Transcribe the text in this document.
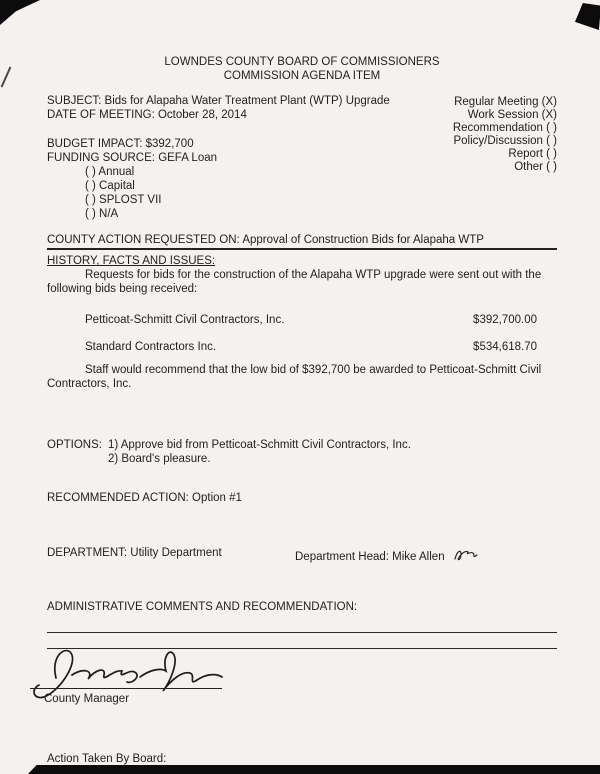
LOWNDES COUNTY BOARD OF COMMISSIONERS
COMMISSION AGENDA ITEM
SUBJECT: Bids for Alapaha Water Treatment Plant (WTP) Upgrade
DATE OF MEETING: October 28, 2014
BUDGET IMPACT: $392,700
FUNDING SOURCE: GEFA Loan
( ) Annual
( ) Capital
( ) SPLOST VII
( ) N/A
Regular Meeting (X)
Work Session (X)
Recommendation ( )
Policy/Discussion ( )
Report ( )
Other ( )
COUNTY ACTION REQUESTED ON: Approval of Construction Bids for Alapaha WTP
HISTORY, FACTS AND ISSUES:

Requests for bids for the construction of the Alapaha WTP upgrade were sent out with the following bids being received:

Petticoat-Schmitt Civil Contractors, Inc.	$392,700.00
Standard Contractors Inc.	$534,618.70

Staff would recommend that the low bid of $392,700 be awarded to Petticoat-Schmitt Civil Contractors, Inc.

OPTIONS: 1) Approve bid from Petticoat-Schmitt Civil Contractors, Inc.
2) Board's pleasure.
RECOMMENDED ACTION: Option #1
DEPARTMENT: Utility Department	Department Head: Mike Allen
ADMINISTRATIVE COMMENTS AND RECOMMENDATION:
Action Taken By Board:
County Manager
